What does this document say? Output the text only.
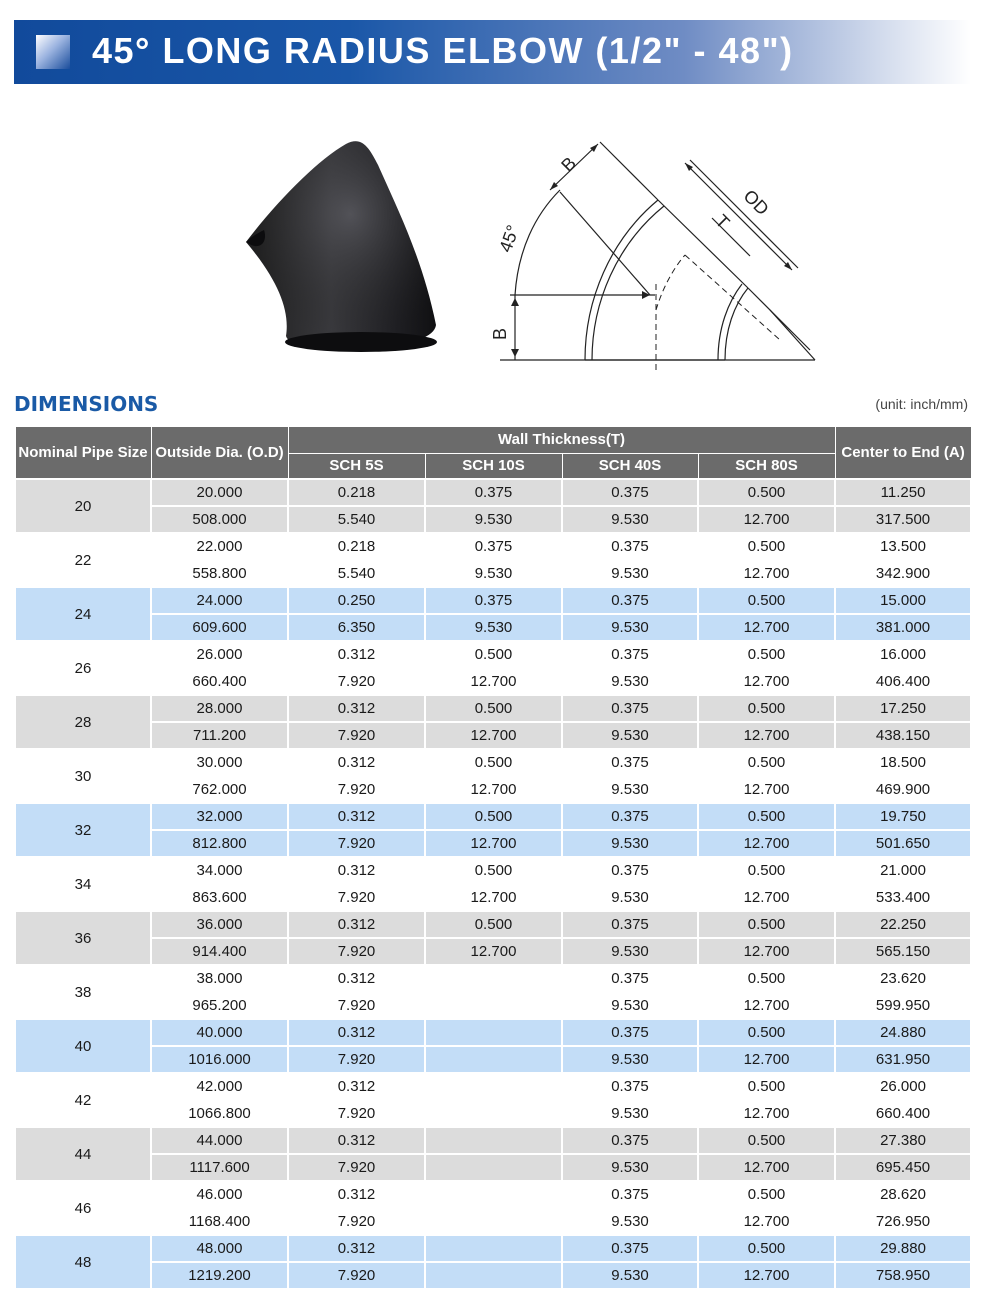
45° LONG RADIUS ELBOW (1/2" - 48")
B
OD
T
45°
B
DIMENSIONS	(unit: inch/mm)
Nominal Pipe Size	Outside Dia. (O.D)	Wall Thickness(T)				Center to End (A)
		SCH 5S	SCH 10S	SCH 40S	SCH 80S	
20	20.000	0.218	0.375	0.375	0.500	11.250
	508.000	5.540	9.530	9.530	12.700	317.500
22	22.000	0.218	0.375	0.375	0.500	13.500
	558.800	5.540	9.530	9.530	12.700	342.900
24	24.000	0.250	0.375	0.375	0.500	15.000
	609.600	6.350	9.530	9.530	12.700	381.000
26	26.000	0.312	0.500	0.375	0.500	16.000
	660.400	7.920	12.700	9.530	12.700	406.400
28	28.000	0.312	0.500	0.375	0.500	17.250
	711.200	7.920	12.700	9.530	12.700	438.150
30	30.000	0.312	0.500	0.375	0.500	18.500
	762.000	7.920	12.700	9.530	12.700	469.900
32	32.000	0.312	0.500	0.375	0.500	19.750
	812.800	7.920	12.700	9.530	12.700	501.650
34	34.000	0.312	0.500	0.375	0.500	21.000
	863.600	7.920	12.700	9.530	12.700	533.400
36	36.000	0.312	0.500	0.375	0.500	22.250
	914.400	7.920	12.700	9.530	12.700	565.150
38	38.000	0.312		0.375	0.500	23.620
	965.200	7.920		9.530	12.700	599.950
40	40.000	0.312		0.375	0.500	24.880
	1016.000	7.920		9.530	12.700	631.950
42	42.000	0.312		0.375	0.500	26.000
	1066.800	7.920		9.530	12.700	660.400
44	44.000	0.312		0.375	0.500	27.380
	1117.600	7.920		9.530	12.700	695.450
46	46.000	0.312		0.375	0.500	28.620
	1168.400	7.920		9.530	12.700	726.950
48	48.000	0.312		0.375	0.500	29.880
	1219.200	7.920		9.530	12.700	758.950
